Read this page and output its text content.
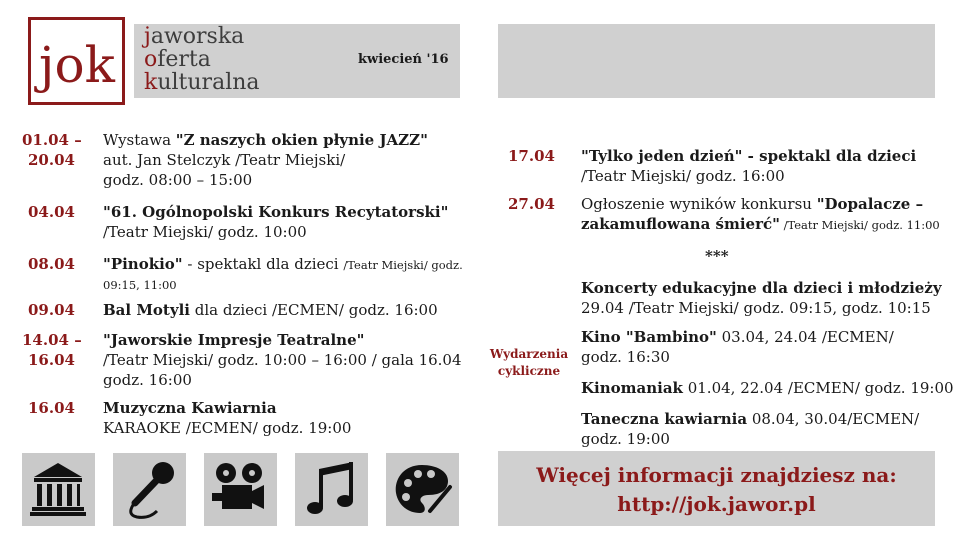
jok jaworska
oferta
kulturalna
kwiecień '16
01.04 –
20.04
Wystawa "Z naszych okien płynie JAZZ"
aut. Jan Stelczyk /Teatr Miejski/
godz. 08:00 – 15:00
04.04 "61. Ogólnopolski Konkurs Recytatorski"
/Teatr Miejski/ godz. 10:00
08.04 "Pinokio" - spektakl dla dzieci /Teatr Miejski/ godz.
09:15, 11:00
09.04 Bal Motyli dla dzieci /ECMEN/ godz. 16:00
14.04 –
16.04
"Jaworskie Impresje Teatralne"
/Teatr Miejski/ godz. 10:00 – 16:00 / gala 16.04
godz. 16:00
16.04 Muzyczna Kawiarnia
KARAOKE /ECMEN/ godz. 19:00
17.04 "Tylko jeden dzień" - spektakl dla dzieci
/Teatr Miejski/ godz. 16:00
27.04 Ogłoszenie wyników konkursu "Dopalacze –
zakamuflowana śmierć" /Teatr Miejski/ godz. 11:00
***
Wydarzenia
cykliczne
Koncerty edukacyjne dla dzieci i młodzieży
29.04 /Teatr Miejski/ godz. 09:15, godz. 10:15
Kino "Bambino" 03.04, 24.04 /ECMEN/
godz. 16:30
Kinomaniak 01.04, 22.04 /ECMEN/ godz. 19:00
Taneczna kawiarnia 08.04, 30.04/ECMEN/
godz. 19:00
Więcej informacji znajdziesz na:
http://jok.jawor.pl
